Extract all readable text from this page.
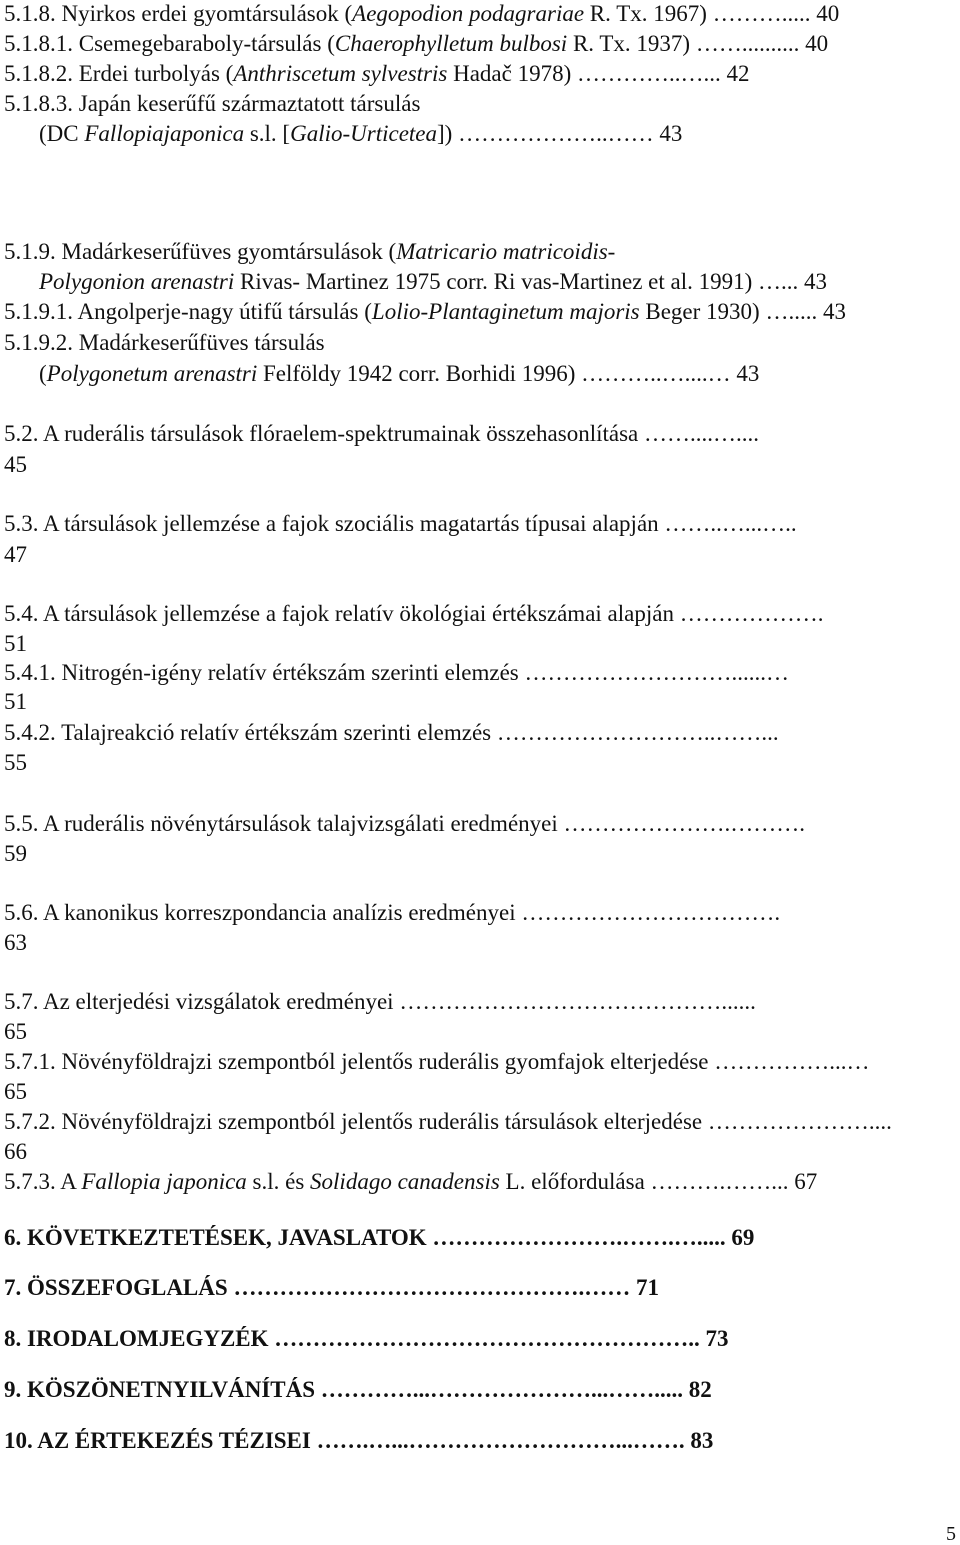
5.1.8. Nyirkos erdei gyomtársulások (Aegopodion podagrariae R. Tx. 1967) ………..... 40
5.1.8.1. Csemegebaraboly-társulás (Chaerophylletum bulbosi R. Tx. 1937) …….......... 40
5.1.8.2. Erdei turbolyás (Anthriscetum sylvestris Hadač 1978) …………..…... 42
5.1.8.3. Japán keserűfű származtatott társulás
(DC Fallopiajaponica s.l. [Galio-Urticetea]) ………………..…… 43
5.1.9. Madárkeserűfüves gyomtársulások (Matricario matricoidis-
Polygonion arenastri Rivas- Martinez 1975 corr. Ri vas-Martinez et al. 1991) …... 43
5.1.9.1. Angolperje-nagy útifű társulás (Lolio-Plantaginetum majoris Beger 1930) …..... 43
5.1.9.2. Madárkeserűfüves társulás
(Polygonetum arenastri Felföldy 1942 corr. Borhidi 1996) ………..…....… 43
5.2. A ruderális társulások flóraelem-spektrumainak összehasonlítása ……....…....
45
5.3. A társulások jellemzése a fajok szociális magatartás típusai alapján ……..…...…..
47
5.4. A társulások jellemzése a fajok relatív ökológiai értékszámai alapján ……………….
51
5.4.1. Nitrogén-igény relatív értékszám szerinti elemzés ………………………......…
51
5.4.2. Talajreakció relatív értékszám szerinti elemzés ………………………..……...
55
5.5. A ruderális növénytársulások talajvizsgálati eredményei ………………….……….
59
5.6. A kanonikus korreszpondancia analízis eredményei …………………………….
63
5.7. Az elterjedési vizsgálatok eredményei ……………………………………......
65
5.7.1. Növényföldrajzi szempontból jelentős ruderális gyomfajok elterjedése ……………...…
65
5.7.2. Növényföldrajzi szempontból jelentős ruderális társulások elterjedése …………………....
66
5.7.3. A Fallopia japonica s.l. és Solidago canadensis L. előfordulása ……….……... 67
6. KÖVETKEZTETÉSEK, JAVASLATOK …………………….…….…..... 69
7. ÖSSZEFOGLALÁS ……………………………………….…… 71
8. IRODALOMJEGYZÉK ……………………………………………….. 73
9. KÖSZÖNETNYILVÁNÍTÁS …………...…………………...……..... 82
10. AZ ÉRTEKEZÉS TÉZISEI …….…...………………………...……. 83
5
